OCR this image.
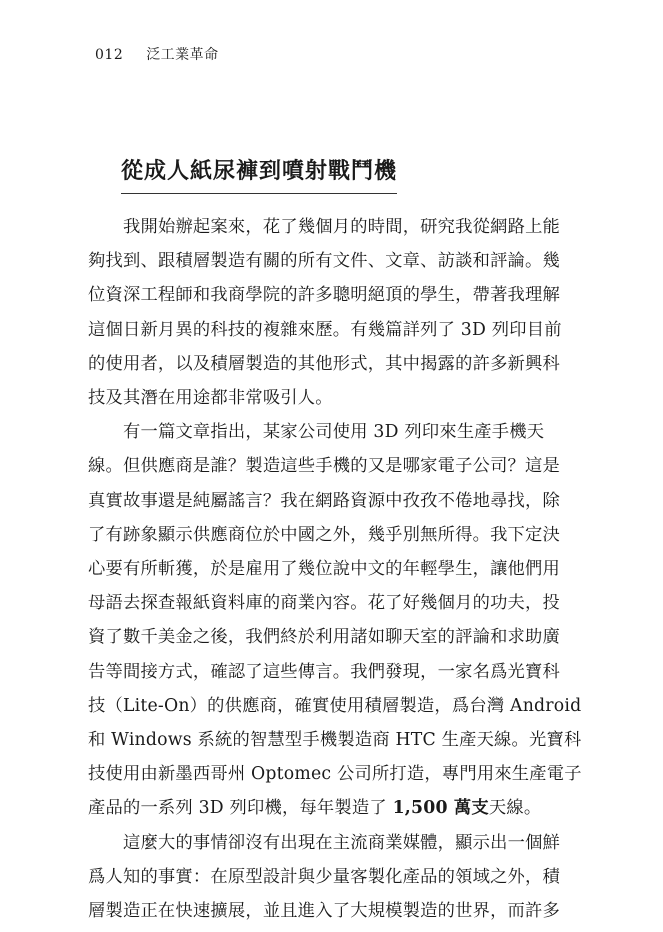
012 泛工業革命
從成人紙尿褲到噴射戰鬥機

我開始辦起案來，花了幾個月的時間，研究我從網路上能
夠找到、跟積層製造有關的所有文件、文章、訪談和評論。幾
位資深工程師和我商學院的許多聰明絕頂的學生，帶著我理解
這個日新月異的科技的複雜來歷。有幾篇詳列了 3D 列印目前
的使用者，以及積層製造的其他形式，其中揭露的許多新興科
技及其潛在用途都非常吸引人。

有一篇文章指出，某家公司使用 3D 列印來生產手機天
線。但供應商是誰？製造這些手機的又是哪家電子公司？這是
真實故事還是純屬謠言？我在網路資源中孜孜不倦地尋找，除
了有跡象顯示供應商位於中國之外，幾乎別無所得。我下定決
心要有所斬獲，於是雇用了幾位說中文的年輕學生，讓他們用
母語去探查報紙資料庫的商業內容。花了好幾個月的功夫，投
資了數千美金之後，我們終於利用諸如聊天室的評論和求助廣
告等間接方式，確認了這些傳言。我們發現，一家名爲光寶科
技（Lite-On）的供應商，確實使用積層製造，爲台灣 Android
和 Windows 系統的智慧型手機製造商 HTC 生產天線。光寶科
技使用由新墨西哥州 Optomec 公司所打造，專門用來生產電子
產品的一系列 3D 列印機，每年製造了 1,500 萬支天線。

這麼大的事情卻沒有出現在主流商業媒體，顯示出一個鮮
爲人知的事實：在原型設計與少量客製化產品的領域之外，積
層製造正在快速擴展，並且進入了大規模製造的世界，而許多
